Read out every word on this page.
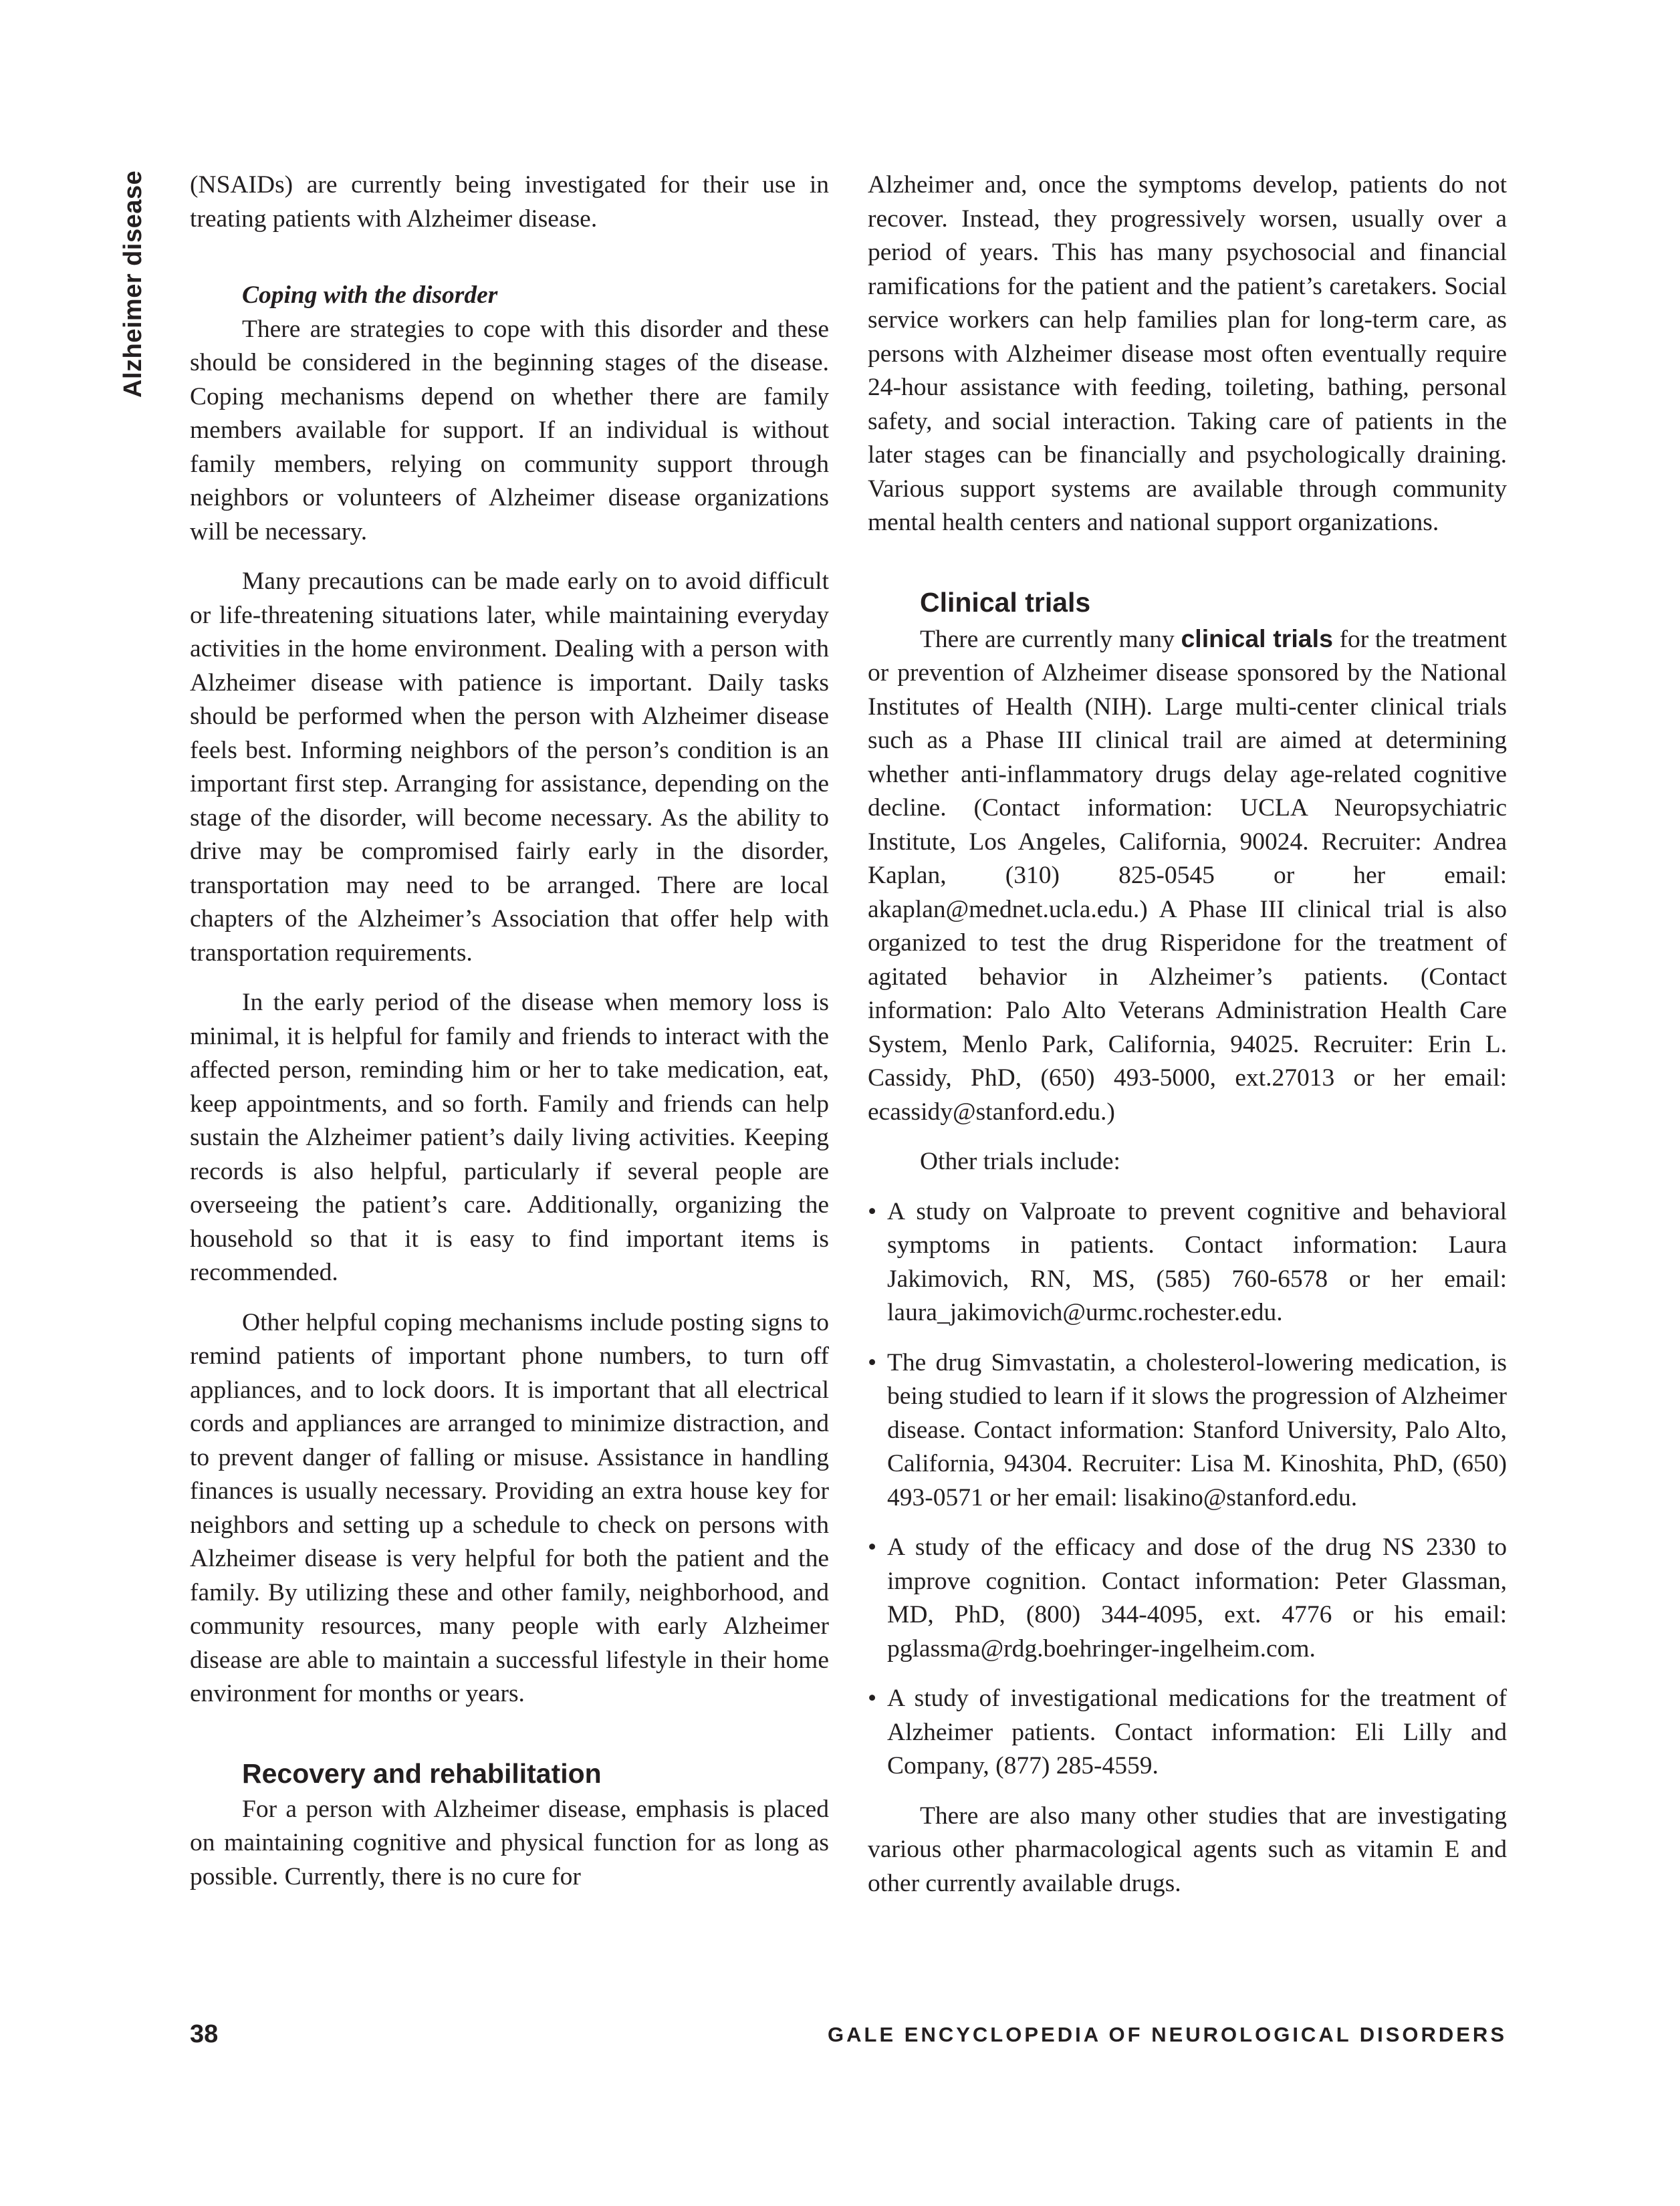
Alzheimer disease (NSAIDs) are currently being investigated for their use in treating patients with Alzheimer disease.

Coping with the disorder

There are strategies to cope with this disorder and these should be considered in the beginning stages of the disease. Coping mechanisms depend on whether there are family members available for support. If an individual is without family members, relying on community support through neighbors or volunteers of Alzheimer disease organizations will be necessary.

Many precautions can be made early on to avoid difficult or life-threatening situations later, while maintaining everyday activities in the home environment. Dealing with a person with Alzheimer disease with patience is important. Daily tasks should be performed when the person with Alzheimer disease feels best. Informing neighbors of the person’s condition is an important first step. Arranging for assistance, depending on the stage of the disorder, will become necessary. As the ability to drive may be compromised fairly early in the disorder, transportation may need to be arranged. There are local chapters of the Alzheimer’s Association that offer help with transportation requirements.

In the early period of the disease when memory loss is minimal, it is helpful for family and friends to interact with the affected person, reminding him or her to take medication, eat, keep appointments, and so forth. Family and friends can help sustain the Alzheimer patient’s daily living activities. Keeping records is also helpful, particularly if several people are overseeing the patient’s care. Additionally, organizing the household so that it is easy to find important items is recommended.

Other helpful coping mechanisms include posting signs to remind patients of important phone numbers, to turn off appliances, and to lock doors. It is important that all electrical cords and appliances are arranged to minimize distraction, and to prevent danger of falling or misuse. Assistance in handling finances is usually necessary. Providing an extra house key for neighbors and setting up a schedule to check on persons with Alzheimer disease is very helpful for both the patient and the family. By utilizing these and other family, neighborhood, and community resources, many people with early Alzheimer disease are able to maintain a successful lifestyle in their home environment for months or years.

Recovery and rehabilitation

For a person with Alzheimer disease, emphasis is placed on maintaining cognitive and physical function for as long as possible. Currently, there is no cure for

Alzheimer and, once the symptoms develop, patients do not recover. Instead, they progressively worsen, usually over a period of years. This has many psychosocial and financial ramifications for the patient and the patient’s caretakers. Social service workers can help families plan for long-term care, as persons with Alzheimer disease most often eventually require 24-hour assistance with feeding, toileting, bathing, personal safety, and social interaction. Taking care of patients in the later stages can be financially and psychologically draining. Various support systems are available through community mental health centers and national support organizations.

Clinical trials

There are currently many clinical trials for the treatment or prevention of Alzheimer disease sponsored by the National Institutes of Health (NIH). Large multi-center clinical trials such as a Phase III clinical trail are aimed at determining whether anti-inflammatory drugs delay age-related cognitive decline. (Contact information: UCLA Neuropsychiatric Institute, Los Angeles, California, 90024. Recruiter: Andrea Kaplan, (310) 825-0545 or her email: akaplan@mednet.ucla.edu.) A Phase III clinical trial is also organized to test the drug Risperidone for the treatment of agitated behavior in Alzheimer’s patients. (Contact information: Palo Alto Veterans Administration Health Care System, Menlo Park, California, 94025. Recruiter: Erin L. Cassidy, PhD, (650) 493-5000, ext.27013 or her email: ecassidy@stanford.edu.)

Other trials include:

• A study on Valproate to prevent cognitive and behavioral symptoms in patients. Contact information: Laura Jakimovich, RN, MS, (585) 760-6578 or her email: laura_jakimovich@urmc.rochester.edu.
• The drug Simvastatin, a cholesterol-lowering medication, is being studied to learn if it slows the progression of Alzheimer disease. Contact information: Stanford University, Palo Alto, California, 94304. Recruiter: Lisa M. Kinoshita, PhD, (650) 493-0571 or her email: lisakino@stanford.edu.
• A study of the efficacy and dose of the drug NS 2330 to improve cognition. Contact information: Peter Glassman, MD, PhD, (800) 344-4095, ext. 4776 or his email: pglassma@rdg.boehringer-ingelheim.com.
• A study of investigational medications for the treatment of Alzheimer patients. Contact information: Eli Lilly and Company, (877) 285-4559.

There are also many other studies that are investigating various other pharmacological agents such as vitamin E and other currently available drugs.

38	GALE ENCYCLOPEDIA OF NEUROLOGICAL DISORDERS
